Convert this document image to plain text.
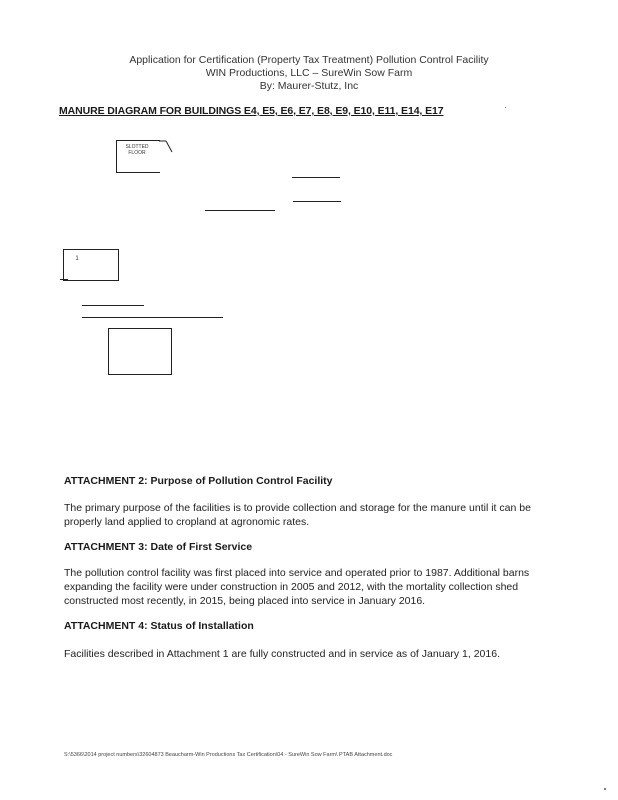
Application for Certification (Property Tax Treatment) Pollution Control Facility
WIN Productions, LLC – SureWin Sow Farm
By: Maurer-Stutz, Inc
MANURE DIAGRAM FOR BUILDINGS E4, E5, E6, E7, E8, E9, E10, E11, E14, E17
SLOTTED
FLOOR
1
ATTACHMENT 2: Purpose of Pollution Control Facility
The primary purpose of the facilities is to provide collection and storage for the manure until it can be properly land applied to cropland at agronomic rates.
ATTACHMENT 3: Date of First Service
The pollution control facility was first placed into service and operated prior to 1987. Additional barns expanding the facility were under construction in 2005 and 2012, with the mortality collection shed constructed most recently, in 2015, being placed into service in January 2016.
ATTACHMENT 4: Status of Installation
Facilities described in Attachment 1 are fully constructed and in service as of January 1, 2016.
S:\5366\2014 project numbers\32604873 Beaucharm-Win Productions Tax Certification\04 - SureWin Sow Farm\ PTAB Attachment.doc
